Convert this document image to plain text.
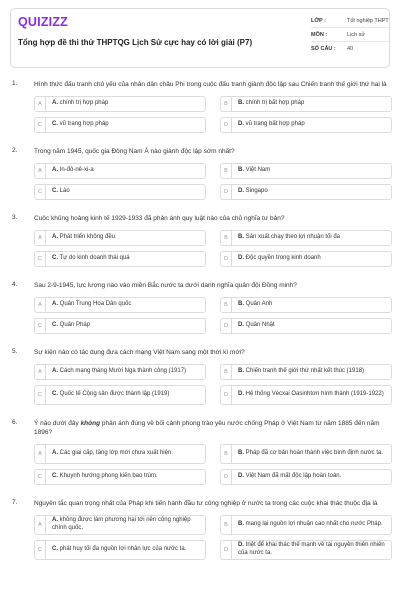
QUIZIZZ
Tổng hợp đề thi thử THPTQG Lịch Sử cực hay có lời giải (P7)
LỚP :	Tốt nghiệp THPT
MÔN :	Lịch sử
SỐ CÂU :	40
1.	Hình thức đấu tranh chủ yếu của nhân dân châu Phi trong cuộc đấu tranh giành độc lập sau Chiến tranh thế giới thứ hai là
A	A. chính trị hợp pháp	B	B. chính trị bất hợp pháp
C	C. vũ trang hợp pháp	D	D. vũ trang bất hợp pháp
2.	Trong năm 1945, quốc gia Đông Nam Á nào giành độc lập sớm nhất?
A	A. In-đô-nê-xi-a	B	B. Việt Nam
C	C. Lào	D	D. Singapo
3.	Cuộc khủng hoảng kinh tế 1929-1933 đã phản ánh quy luật nào của chủ nghĩa tư bản?
A	A. Phát triển không đều	B	B. Sản xuất chạy theo lợi nhuận tối đa
C	C. Tự do kinh doanh thái quá	D	D. Độc quyền trong kinh doanh
4.	Sau 2-9-1945, lực lượng nào vào miền Bắc nước ta dưới danh nghĩa quân đội Đồng minh?
A	A. Quân Trung Hoa Dân quốc	B	B. Quân Anh
C	C. Quân Pháp	D	D. Quân Nhật
5.	Sự kiện nào có tác dụng đưa cách mạng Việt Nam sang một thời kì mới?
A	A. Cách mạng tháng Mười Nga thành công (1917)	B	B. Chiến tranh thế giới thứ nhất kết thúc (1918)
C	C. Quốc tế Cộng sản được thành lập (1919)	D	D. Hệ thống Vécxai Oasinhtơn hình thành (1919-1922)
6.	Ý nào dưới đây không phản ánh đúng về bối cảnh phong trào yêu nước chống Pháp ở Việt Nam từ năm 1885 đến năm 1896?
A	A. Các giai cấp, tầng lớp mới chưa xuất hiện.	B	B. Pháp đã cơ bản hoàn thành việc bình định nước ta.
C	C. Khuynh hướng phong kiến bao trùm.	D	D. Việt Nam đã mất độc lập hoàn toàn.
7.	Nguyên tắc quan trọng nhất của Pháp khi tiến hành đầu tư công nghiệp ở nước ta trong các cuộc khai thác thuộc địa là
A
A. không được làm phương hại tới nền công nghiệp chính quốc.	B	B. mang lại nguồn lợi nhuận cao nhất cho nước Pháp.
C	C. phát huy tối đa nguồn lợi nhân lực của nước ta.	D
D. triệt để khai thác thế mạnh về tài nguyên thiên nhiên của nước ta.
